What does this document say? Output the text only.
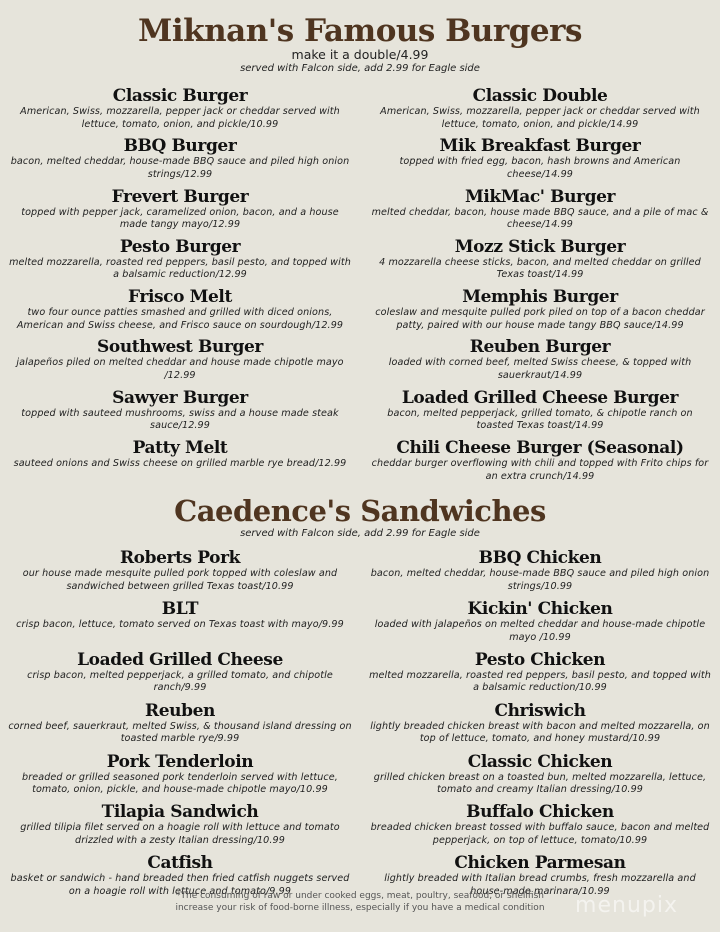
Miknan's Famous Burgers
make it a double/4.99
served with Falcon side, add 2.99 for Eagle side
Classic Burger
American, Swiss, mozzarella, pepper jack or cheddar served with lettuce, tomato, onion, and pickle/10.99
Classic Double
American, Swiss, mozzarella, pepper jack or cheddar served with lettuce, tomato, onion, and pickle/14.99
BBQ Burger
bacon, melted cheddar, house-made BBQ sauce and piled high onion strings/12.99
Mik Breakfast Burger
topped with fried egg, bacon, hash browns and American cheese/14.99
Frevert Burger
topped with pepper jack, caramelized onion, bacon, and a house made tangy mayo/12.99
MikMac' Burger
melted cheddar, bacon, house made BBQ sauce, and a pile of mac & cheese/14.99
Pesto Burger
melted mozzarella, roasted red peppers, basil pesto, and topped with a balsamic reduction/12.99
Mozz Stick Burger
4 mozzarella cheese sticks, bacon, and melted cheddar on grilled Texas toast/14.99
Frisco Melt
two four ounce patties smashed and grilled with diced onions, American and Swiss cheese, and Frisco sauce on sourdough/12.99
Memphis Burger
coleslaw and mesquite pulled pork piled on top of a bacon cheddar patty, paired with our house made tangy BBQ sauce/14.99
Southwest Burger
jalapeños piled on melted cheddar and house made chipotle mayo /12.99
Reuben Burger
loaded with corned beef, melted Swiss cheese, & topped with sauerkraut/14.99
Sawyer Burger
topped with sauteed mushrooms, swiss and a house made steak sauce/12.99
Loaded Grilled Cheese Burger
bacon, melted pepperjack, grilled tomato, & chipotle ranch on toasted Texas toast/14.99
Patty Melt
sauteed onions and Swiss cheese on grilled marble rye bread/12.99
Chili Cheese Burger (Seasonal)
cheddar burger overflowing with chili and topped with Frito chips for an extra crunch/14.99
Caedence's Sandwiches
served with Falcon side, add 2.99 for Eagle side
Roberts Pork
our house made mesquite pulled pork topped with coleslaw and sandwiched between grilled Texas toast/10.99
BBQ Chicken
bacon, melted cheddar, house-made BBQ sauce and piled high onion strings/10.99
BLT
crisp bacon, lettuce, tomato served on Texas toast with mayo/9.99
Kickin' Chicken
loaded with jalapeños on melted cheddar and house-made chipotle mayo /10.99
Loaded Grilled Cheese
crisp bacon, melted pepperjack, a grilled tomato, and chipotle ranch/9.99
Pesto Chicken
melted mozzarella, roasted red peppers, basil pesto, and topped with a balsamic reduction/10.99
Reuben
corned beef, sauerkraut, melted Swiss, & thousand island dressing on toasted marble rye/9.99
Chriswich
lightly breaded chicken breast with bacon and melted mozzarella, on top of lettuce, tomato, and honey mustard/10.99
Pork Tenderloin
breaded or grilled seasoned pork tenderloin served with lettuce, tomato, onion, pickle, and house-made chipotle mayo/10.99
Classic Chicken
grilled chicken breast on a toasted bun, melted mozzarella, lettuce, tomato and creamy Italian dressing/10.99
Tilapia Sandwich
grilled tilipia filet served on a hoagie roll with lettuce and tomato drizzled with a zesty Italian dressing/10.99
Buffalo Chicken
breaded chicken breast tossed with buffalo sauce, bacon and melted pepperjack, on top of lettuce, tomato/10.99
Catfish
basket or sandwich - hand breaded then fried catfish nuggets served on a hoagie roll with lettuce and tomato/9.99
Chicken Parmesan
lightly breaded with Italian bread crumbs, fresh mozzarella and house-made marinara/10.99
*The consuming of raw or under cooked eggs, meat, poultry, seafood, or shellfish
increase your risk of food-borne illness, especially if you have a medical condition	menupix
